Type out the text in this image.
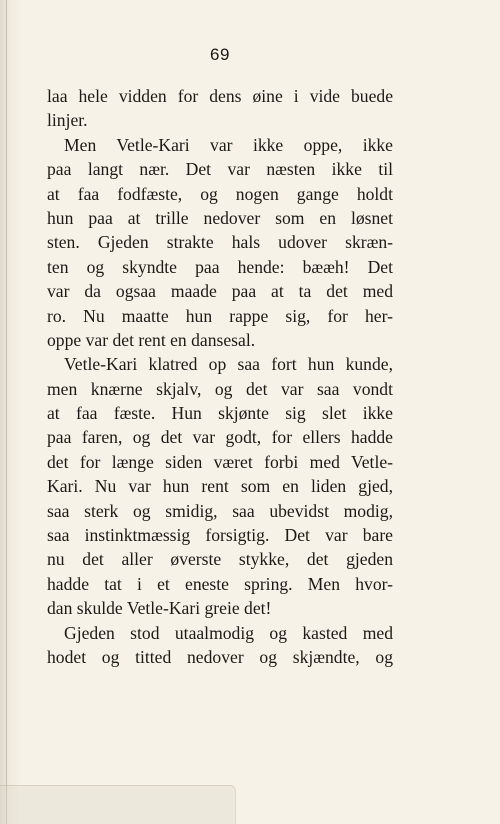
69
laa hele vidden for dens øine i vide buede
linjer.
Men Vetle-Kari var ikke oppe, ikke
paa langt nær. Det var næsten ikke til
at faa fodfæste, og nogen gange holdt
hun paa at trille nedover som en løsnet
sten. Gjeden strakte hals udover skræn-
ten og skyndte paa hende: bææh! Det
var da ogsaa maade paa at ta det med
ro. Nu maatte hun rappe sig, for her-
oppe var det rent en dansesal.
Vetle-Kari klatred op saa fort hun kunde,
men knærne skjalv, og det var saa vondt
at faa fæste. Hun skjønte sig slet ikke
paa faren, og det var godt, for ellers hadde
det for længe siden været forbi med Vetle-
Kari. Nu var hun rent som en liden gjed,
saa sterk og smidig, saa ubevidst modig,
saa instinktmæssig forsigtig. Det var bare
nu det aller øverste stykke, det gjeden
hadde tat i et eneste spring. Men hvor-
dan skulde Vetle-Kari greie det!
Gjeden stod utaalmodig og kasted med
hodet og titted nedover og skjændte, og
